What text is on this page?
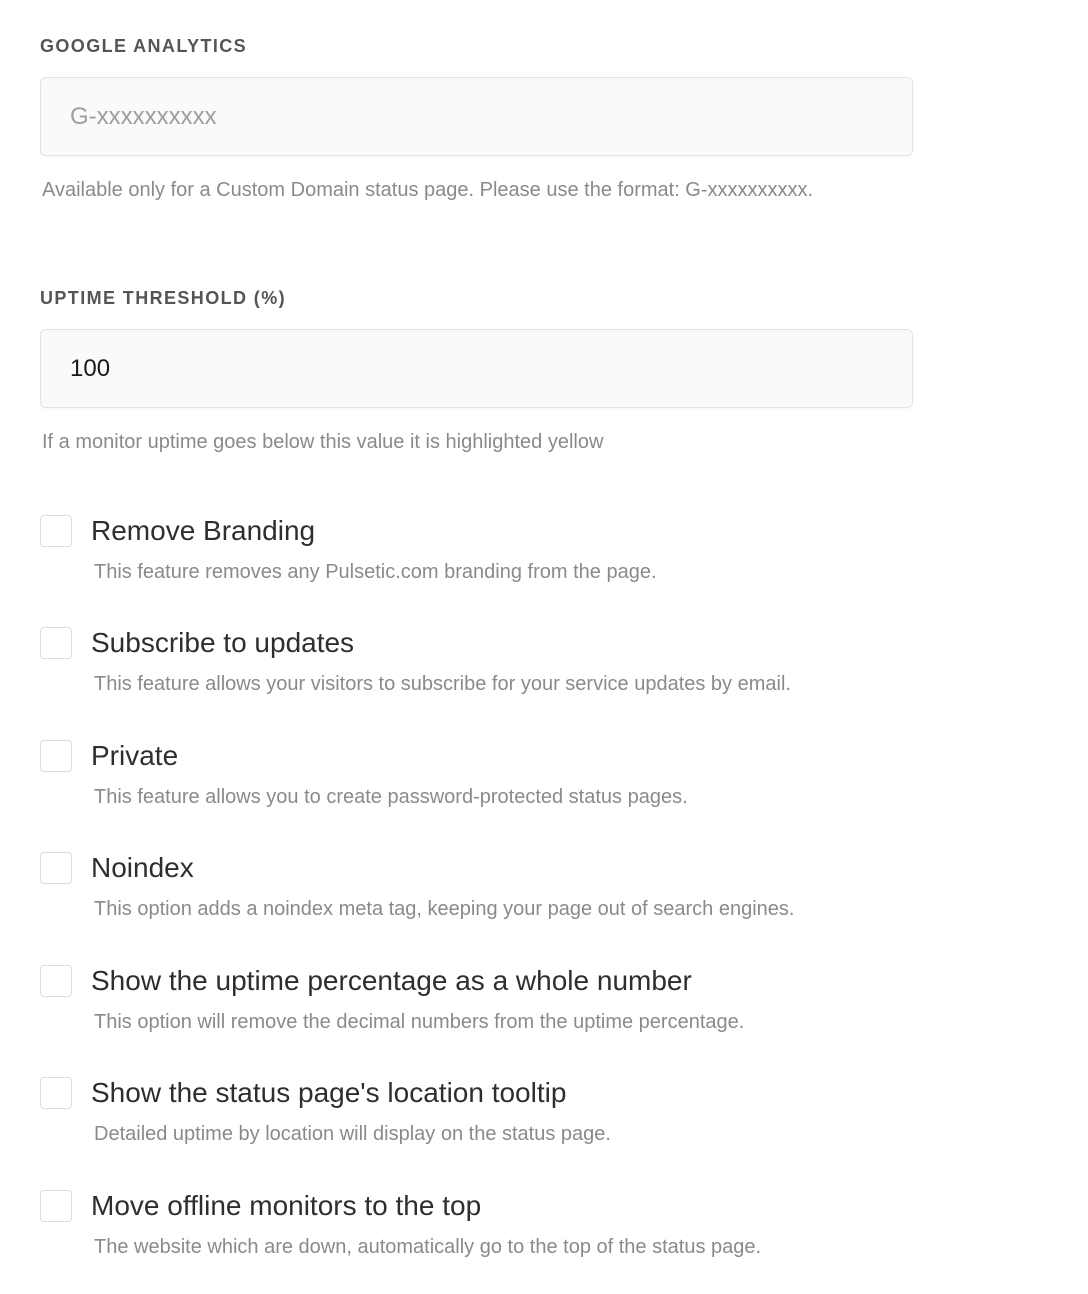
GOOGLE ANALYTICS
G-xxxxxxxxxx

Available only for a Custom Domain status page. Please use the format: G-xxxxxxxxxx.

UPTIME THRESHOLD (%)
100

If a monitor uptime goes below this value it is highlighted yellow

Remove Branding
This feature removes any Pulsetic.com branding from the page.
Subscribe to updates
This feature allows your visitors to subscribe for your service updates by email.
Private
This feature allows you to create password-protected status pages.
Noindex
This option adds a noindex meta tag, keeping your page out of search engines.
Show the uptime percentage as a whole number
This option will remove the decimal numbers from the uptime percentage.
Show the status page's location tooltip
Detailed uptime by location will display on the status page.
Move offline monitors to the top
The website which are down, automatically go to the top of the status page.
